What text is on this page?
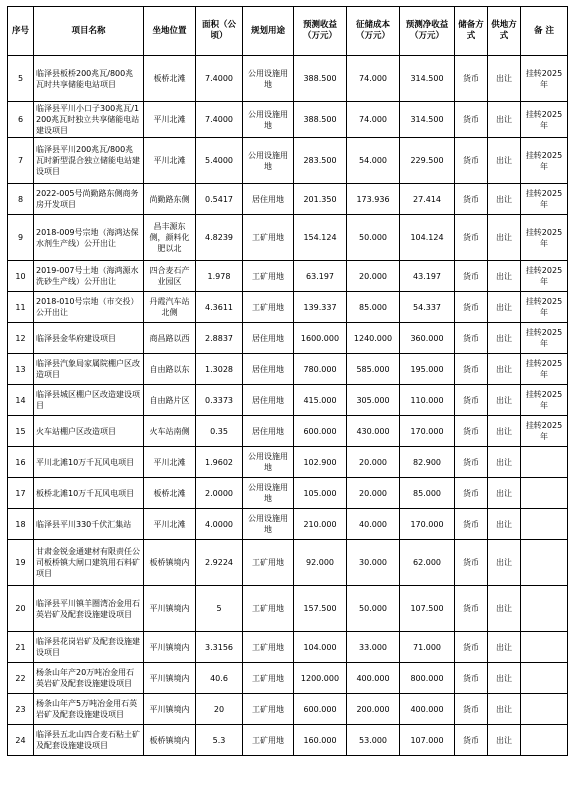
序号	项目名称	坐地位置	面积（公顷）	规划用途	预测收益（万元）	征储成本（万元）	预测净收益（万元）	储备方式	供地方式	备 注
5	临泽县板桥200兆瓦/800兆瓦时共享储能电站项目	板桥北滩	7.4000	公用设施用地	388.500	74.000	314.500	货币	出让	挂转2025年
6	临泽县平川小口子300兆瓦/1200兆瓦时独立共享储能电站建设项目	平川北滩	7.4000	公用设施用地	388.500	74.000	314.500	货币	出让	挂转2025年
7	临泽县平川200兆瓦/800兆瓦时新型混合独立储能电站建设项目	平川北滩	5.4000	公用设施用地	283.500	54.000	229.500	货币	出让	挂转2025年
8	2022-005号尚勤路东侧商务房开发项目	尚勤路东侧	0.5417	居住用地	201.350	173.936	27.414	货币	出让	挂转2025年
9	2018-009号宗地（海鸿达保水剂生产线）公开出让	昌丰源东侧，颜料化肥以北	4.8239	工矿用地	154.124	50.000	104.124	货币	出让	挂转2025年
10	2019-007号土地（海鸿源水洗砂生产线）公开出让	四合麦石产业园区	1.978	工矿用地	63.197	20.000	43.197	货币	出让	挂转2025年
11	2018-010号宗地（市交投）公开出让	丹霞汽车站北侧	4.3611	工矿用地	139.337	85.000	54.337	货币	出让	挂转2025年
12	临泽县金华府建设项目	商昌路以西	2.8837	居住用地	1600.000	1240.000	360.000	货币	出让	挂转2025年
13	临泽县汽象局家属院棚户区改造项目	自由路以东	1.3028	居住用地	780.000	585.000	195.000	货币	出让	挂转2025年
14	临泽县城区棚户区改造建设项目	自由路片区	0.3373	居住用地	415.000	305.000	110.000	货币	出让	挂转2025年
15	火车站棚户区改造项目	火车站南侧	0.35	居住用地	600.000	430.000	170.000	货币	出让	挂转2025年
16	平川北滩10万千瓦风电项目	平川北滩	1.9602	公用设施用地	102.900	20.000	82.900	货币	出让	
17	板桥北滩10万千瓦风电项目	板桥北滩	2.0000	公用设施用地	105.000	20.000	85.000	货币	出让	
18	临泽县平川330千伏汇集站	平川北滩	4.0000	公用设施用地	210.000	40.000	170.000	货币	出让	
19	甘肃金锐金通建材有限责任公司板桥镇大闸口建筑用石料矿项目	板桥镇境内	2.9224	工矿用地	92.000	30.000	62.000	货币	出让	
20	临泽县平川镇羊圈湾冶金用石英岩矿及配套设施建设项目	平川镇境内	5	工矿用地	157.500	50.000	107.500	货币	出让	
21	临泽县花岗岩矿及配套设施建设项目	平川镇境内	3.3156	工矿用地	104.000	33.000	71.000	货币	出让	
22	杨条山年产20万吨冶金用石英岩矿及配套设施建设项目	平川镇境内	40.6	工矿用地	1200.000	400.000	800.000	货币	出让	
23	杨条山年产5万吨冶金用石英岩矿及配套设施建设项目	平川镇境内	20	工矿用地	600.000	200.000	400.000	货币	出让	
24	临泽县五北山四合麦石粘土矿及配套设施建设项目	板桥镇境内	5.3	工矿用地	160.000	53.000	107.000	货币	出让	
